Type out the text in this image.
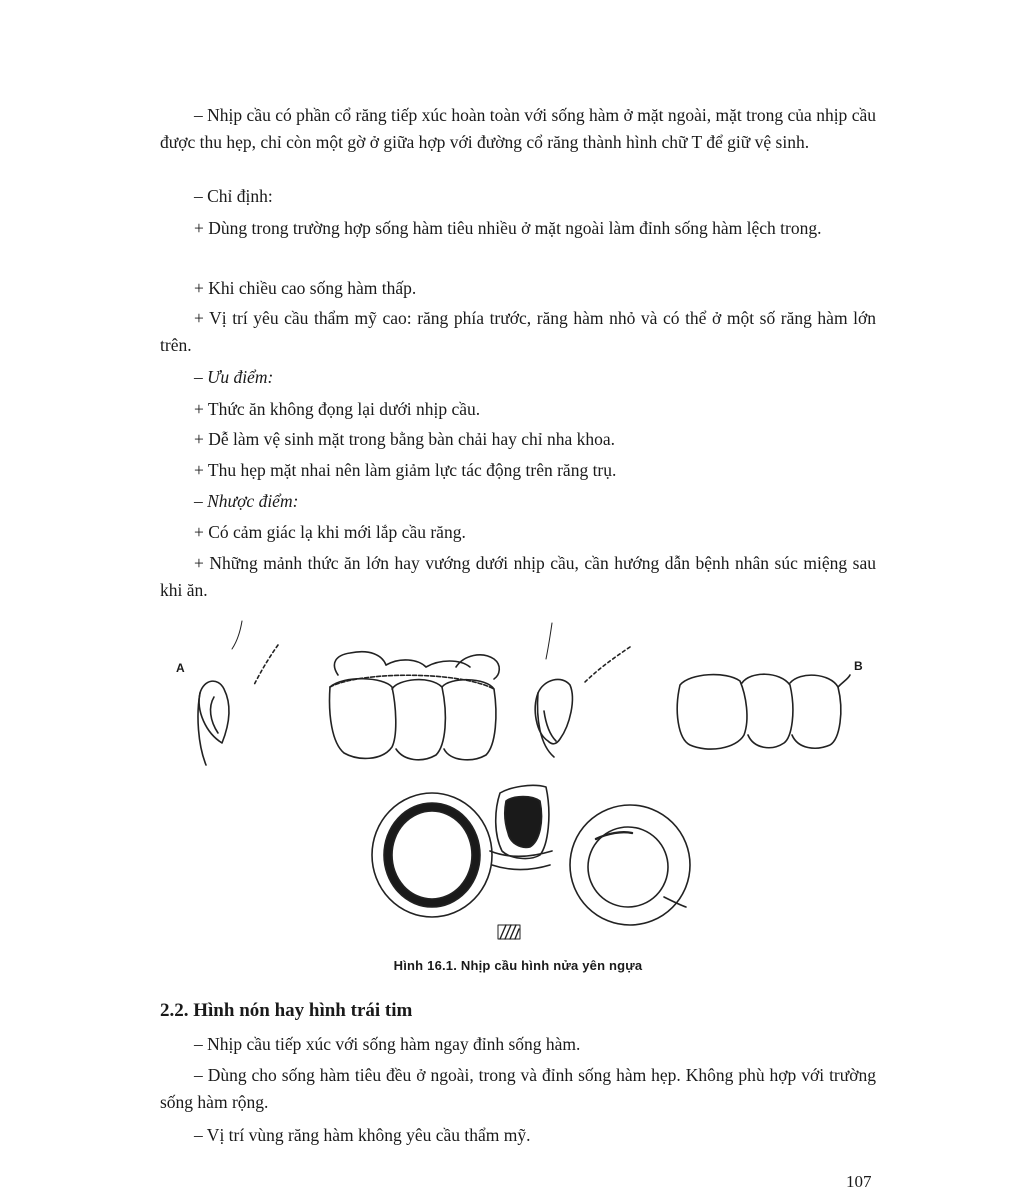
– Nhịp cầu có phần cổ răng tiếp xúc hoàn toàn với sống hàm ở mặt ngoài, mặt trong của nhịp cầu được thu hẹp, chỉ còn một gờ ở giữa hợp với đường cổ răng thành hình chữ T để giữ vệ sinh.

– Chỉ định:

+ Dùng trong trường hợp sống hàm tiêu nhiều ở mặt ngoài làm đỉnh sống hàm lệch trong.

+ Khi chiều cao sống hàm thấp.

+ Vị trí yêu cầu thẩm mỹ cao: răng phía trước, răng hàm nhỏ và có thể ở một số răng hàm lớn trên.

– Ưu điểm:

+ Thức ăn không đọng lại dưới nhịp cầu.

+ Dễ làm vệ sinh mặt trong bằng bàn chải hay chỉ nha khoa.

+ Thu hẹp mặt nhai nên làm giảm lực tác động trên răng trụ.

– Nhược điểm:

+ Có cảm giác lạ khi mới lắp cầu răng.

+ Những mảnh thức ăn lớn hay vướng dưới nhịp cầu, cần hướng dẫn bệnh nhân súc miệng sau khi ăn.

A	B
Hình 16.1. Nhịp cầu hình nửa yên ngựa
2.2. Hình nón hay hình trái tim

– Nhịp cầu tiếp xúc với sống hàm ngay đỉnh sống hàm.

– Dùng cho sống hàm tiêu đều ở ngoài, trong và đỉnh sống hàm hẹp. Không phù hợp với trường sống hàm rộng.

– Vị trí vùng răng hàm không yêu cầu thẩm mỹ.

107
